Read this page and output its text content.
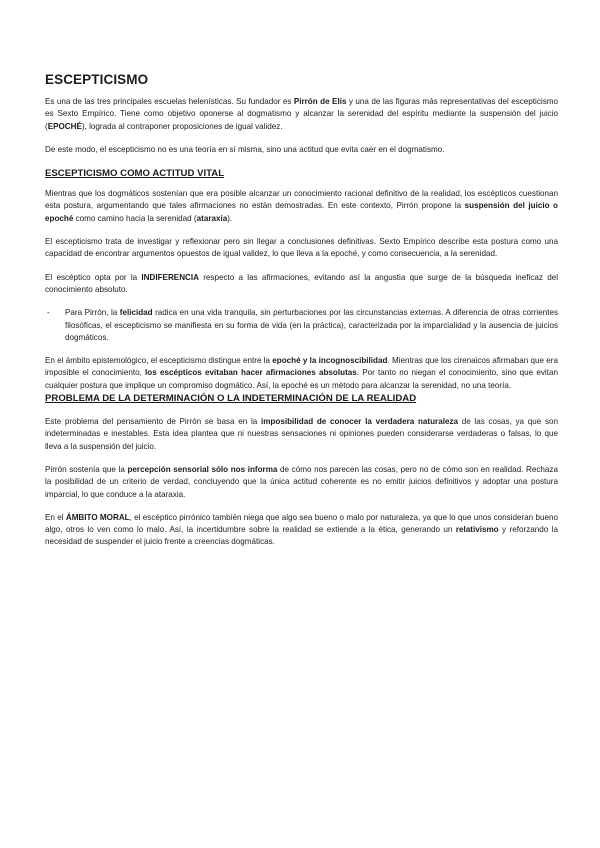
ESCEPTICISMO

Es una de las tres principales escuelas helenísticas. Su fundador es Pirrón de Elis y una de las figuras más representativas del escepticismo es Sexto Empírico. Tiene como objetivo oponerse al dogmatismo y alcanzar la serenidad del espíritu mediante la suspensión del juicio (EPOCHÉ), lograda al contraponer proposiciones de igual validez.

De este modo, el escepticismo no es una teoría en sí misma, sino una actitud que evita caer en el dogmatismo.

ESCEPTICISMO COMO ACTITUD VITAL

Mientras que los dogmáticos sostenían que era posible alcanzar un conocimiento racional definitivo de la realidad, los escépticos cuestionan esta postura, argumentando que tales afirmaciones no están demostradas. En este contexto, Pirrón propone la suspensión del juicio o epoché como camino hacia la serenidad (ataraxia).

El escepticismo trata de investigar y reflexionar pero sin llegar a conclusiones definitivas. Sexto Empírico describe esta postura como una capacidad de encontrar argumentos opuestos de igual validez, lo que lleva a la epoché, y como consecuencia, a la serenidad.

El escéptico opta por la INDIFERENCIA respecto a las afirmaciones, evitando así la angustia que surge de la búsqueda ineficaz del conocimiento absoluto.

- Para Pirrón, la felicidad radica en una vida tranquila, sin perturbaciones por las circunstancias externas. A diferencia de otras corrientes filosóficas, el escepticismo se manifiesta en su forma de vida (en la práctica), caracterizada por la imparcialidad y la ausencia de juicios dogmáticos.

En el ámbito epistemológico, el escepticismo distingue entre la epoché y la incognoscibilidad. Mientras que los cirenaicos afirmaban que era imposible el conocimiento, los escépticos evitaban hacer afirmaciones absolutas. Por tanto no niegan el conocimiento, sino que evitan cualquier postura que implique un compromiso dogmático. Así, la epoché es un método para alcanzar la serenidad, no una teoría.

PROBLEMA DE LA DETERMINACIÓN O LA INDETERMINACIÓN DE LA REALIDAD

Este problema del pensamiento de Pirrón se basa en la imposibilidad de conocer la verdadera naturaleza de las cosas, ya que son indeterminadas e inestables. Esta idea plantea que ni nuestras sensaciones ni opiniones pueden considerarse verdaderas o falsas, lo que lleva a la suspensión del juicio.

Pirrón sostenía que la percepción sensorial sólo nos informa de cómo nos parecen las cosas, pero no de cómo son en realidad. Rechaza la posibilidad de un criterio de verdad, concluyendo que la única actitud coherente es no emitir juicios definitivos y adoptar una postura imparcial, lo que conduce a la ataraxia.

En el ÁMBITO MORAL, el escéptico pirrónico también niega que algo sea bueno o malo por naturaleza, ya que lo que unos consideran bueno algo, otros lo ven como lo malo. Así, la incertidumbre sobre la realidad se extiende a la ética, generando un relativismo y reforzando la necesidad de suspender el juicio frente a creencias dogmáticas.
